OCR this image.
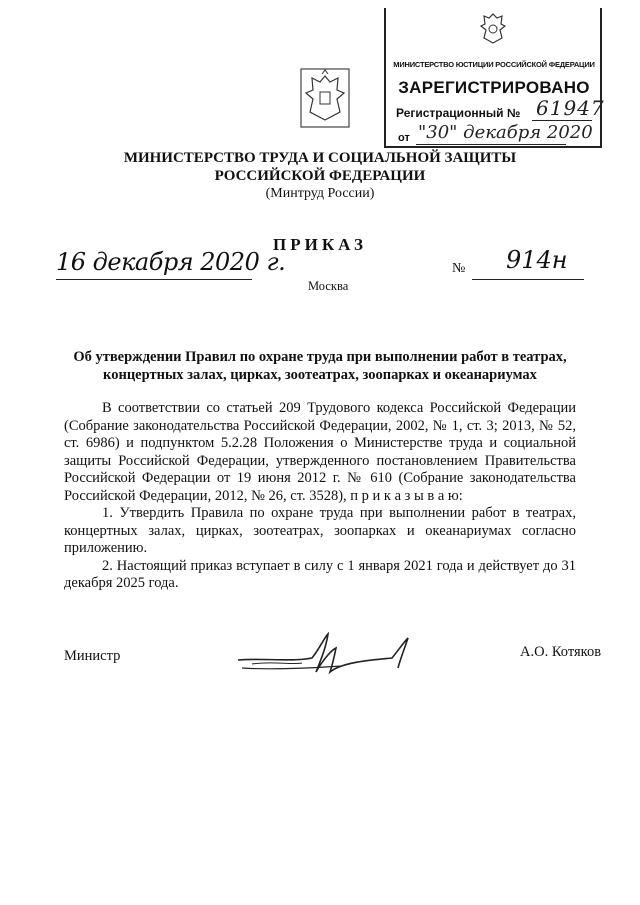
МИНИСТЕРСТВО ЮСТИЦИИ РОССИЙСКОЙ ФЕДЕРАЦИИ
ЗАРЕГИСТРИРОВАНО
Регистрационный № 61947
от "30" декабря 2020
МИНИСТЕРСТВО ТРУДА И СОЦИАЛЬНОЙ ЗАЩИТЫ
РОССИЙСКОЙ ФЕДЕРАЦИИ
(Минтруд России)
ПРИКАЗ
16 декабря 2020 г.	№ 914н
Москва
Об утверждении Правил по охране труда при выполнении работ в театрах, концертных залах, цирках, зоотеатрах, зоопарках и океанариумах

В соответствии со статьей 209 Трудового кодекса Российской Федерации (Собрание законодательства Российской Федерации, 2002, № 1, ст. 3; 2013, № 52, ст. 6986) и подпунктом 5.2.28 Положения о Министерстве труда и социальной защиты Российской Федерации, утвержденного постановлением Правительства Российской Федерации от 19 июня 2012 г. № 610 (Собрание законодательства Российской Федерации, 2012, № 26, ст. 3528), п р и к а з ы в а ю:

1. Утвердить Правила по охране труда при выполнении работ в театрах, концертных залах, цирках, зоотеатрах, зоопарках и океанариумах согласно приложению.

2. Настоящий приказ вступает в силу с 1 января 2021 года и действует до 31 декабря 2025 года.

Министр	А.О. Котяков
